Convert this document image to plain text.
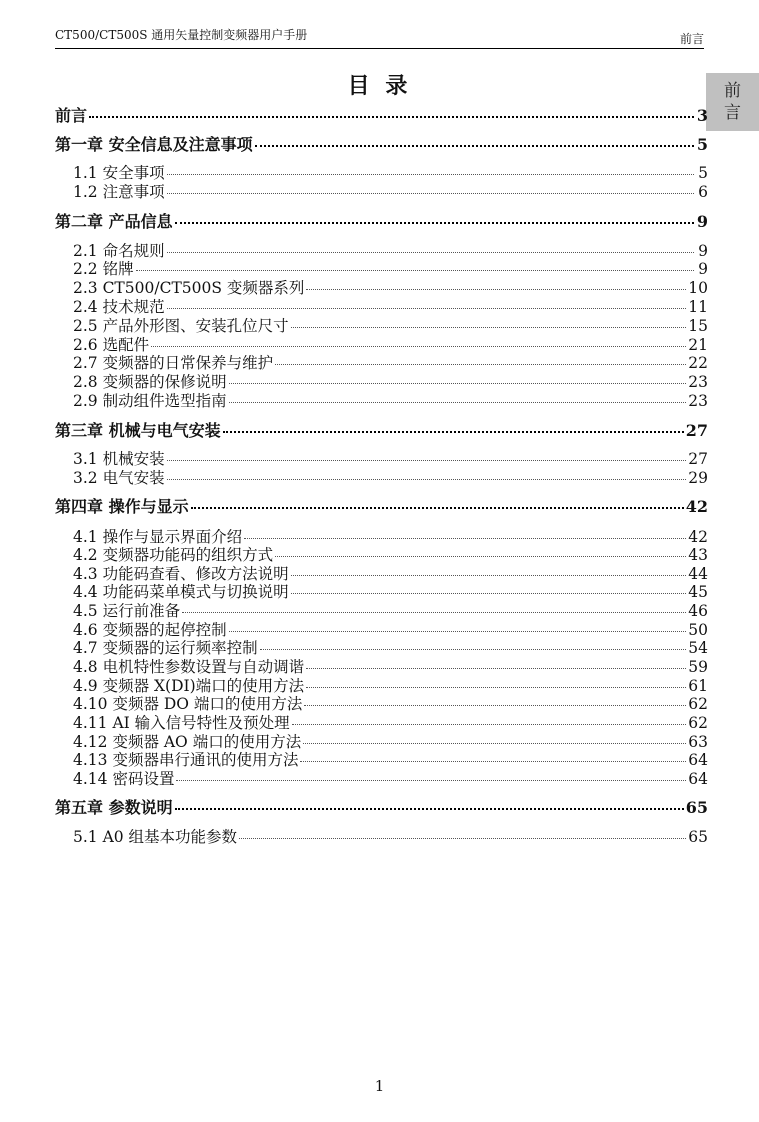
CT500/CT500S 通用矢量控制变频器用户手册	前言
前
言
目 录
前言	3
第一章 安全信息及注意事项	5
1.1 安全事项	5
1.2 注意事项	6
第二章 产品信息	9
2.1 命名规则	9
2.2 铭牌	9
2.3 CT500/CT500S 变频器系列	10
2.4 技术规范	11
2.5 产品外形图、安装孔位尺寸	15
2.6 选配件	21
2.7 变频器的日常保养与维护	22
2.8 变频器的保修说明	23
2.9 制动组件选型指南	23
第三章 机械与电气安装	27
3.1 机械安装	27
3.2 电气安装	29
第四章 操作与显示	42
4.1 操作与显示界面介绍	42
4.2 变频器功能码的组织方式	43
4.3 功能码查看、修改方法说明	44
4.4 功能码菜单模式与切换说明	45
4.5 运行前准备	46
4.6 变频器的起停控制	50
4.7 变频器的运行频率控制	54
4.8 电机特性参数设置与自动调谐	59
4.9 变频器 X(DI)端口的使用方法	61
4.10 变频器 DO 端口的使用方法	62
4.11 AI 输入信号特性及预处理	62
4.12 变频器 AO 端口的使用方法	63
4.13 变频器串行通讯的使用方法	64
4.14 密码设置	64
第五章 参数说明	65
5.1 A0 组基本功能参数	65
1
